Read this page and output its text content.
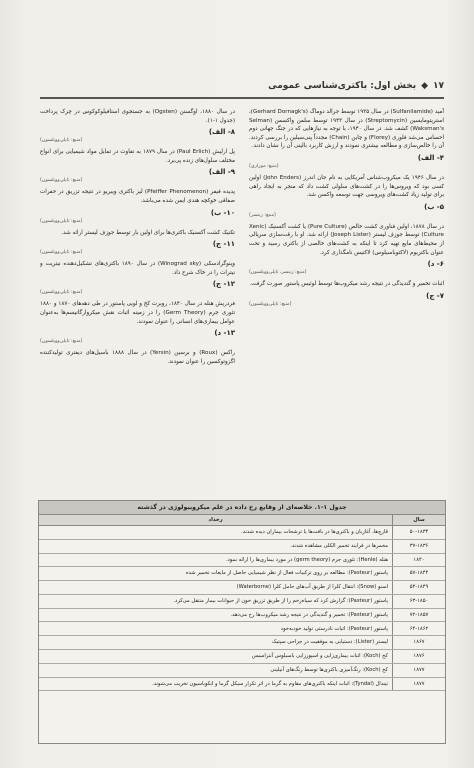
۱۷
◆
بخش اول: باکتری‌شناسی عمومی
آمید (Sulfanilamide) در سال ۱۹۳۵ توسط جرالد دوماگ (Gerhard Dornagk's)، استرپتومایسین (Streptomycin) در سال ۱۹۴۳ توسط سلمن واکسمن (Selman Waksman's) کشف شد. در سال ۱۹۴۰، با توجه به نیازهایی که در جنگ جهانی دوم احساس می‌شد فلوری (Florey) و چاین (Chain) مجدداً پنی‌سیلین را بررسی کردند. آن را خالص‌سازی و مطالعه بیشتری نمودند و ارزش کاربرد بالینی آن را نشان دادند.
۴- الف)
(منبع: موراری)
در سال ۱۹۴۶ یک میکروب‌شناس آمریکایی به نام جان اندرز (John Enders) اولین کسی بود که ویروس‌ها را در کشت‌های سلولی کشت داد که منجر به ایجاد راهی برای تولید زیاد کشت‌های ویروسی جهت توسعه واکسن شد.
۵- ب)
(منبع: زینسر)
در سال ۱۸۷۸، اولین فناوری کشت خالص (Pure Culture) یا کشت آکسنیک (Xenic Culture) توسط جوزف لیستر (Joseph Lister) ارائه شد. او با رقت‌سازی سریالی از محیط‌های مایع تهیه کرد تا اینکه به کشت‌های خالصی از باکتری رسید و تحت عنوان باکتریوم (لاکتوباسیلوس) لاکتیس نامگذاری کرد.
۶- د)
(منبع: زینسر، تاپلی‌وویلسون)
اثبات تخمیر و گندیدگی در نتیجه رشد میکروب‌ها توسط لوئیس پاستور صورت گرفت.
۷- ج)
(منبع: تاپلی‌وویلسون)
در سال ۱۸۸۰، اوگستن (Ogsten) به جستجوی استافیلوکوکوس در چرک پرداخت (جدول ۱-۱).
۸- الف)
(منبع: تاپلی‌وویلسون)
پل ارلیش (Paul Erlich) در سال ۱۸۷۹ به تفاوت در تمایل مواد شیمیایی برای انواع مختلف سلول‌های زنده پی‌برد.
۹- الف)
(منبع: تاپلی‌وویلسون)
پدیده فیفر (Pfeiffer Phenomenon) لیز باکتری ویبریو در نتیجه تزریق در حفرات صفاقی خوکچه هندی ایمن شده می‌باشد.
۱۰- ب)
(منبع: تاپلی‌وویلسون)
تکنیک کشت آکسنیک باکتری‌ها برای اولین بار توسط جوزف لیستر ارائه شد.
۱۱- ج)
(منبع: تاپلی‌وویلسون)
وینوگرادسکی (Winograd sky) در سال ۱۸۹۰ باکتری‌های تشکیل‌دهنده نیتریت و نیترات را در خاک شرح داد.
۱۲- ج)
(منبع: تاپلی‌وویلسون)
فردریش هنله در سال ۱۸۴۰، روبرت کخ و لویی پاستور در طی دهه‌های ۱۸۷۰ و ۱۸۸۰ تئوری جرم (Germ Theory) را در زمینه اثبات نقش میکروارگانیسم‌ها به‌عنوان عوامل بیماری‌های انسانی را عنوان نمودند.
۱۳- د)
(منبع: تاپلی‌وویلسون)
راکس (Roux) و برسین (Yersin) در سال ۱۸۸۸ باسیل‌های دیفتری تولیدکننده اگزوتوکسین را عنوان نمودند.
جدول ۱-۱. خلاصه‌ای از وقایع رخ داده در علم میکروبیولوژی در گذشته
سال	رخداد
۵۰-۱۸۳۴	قارچ‌ها، آغازیان و باکتری‌ها در بافت‌ها یا ترشحات بیماران دیده شدند.
۳۷-۱۸۳۶	مخمرها در فرایند تخمیر الکلی مشاهده شدند.
۱۸۴۰	هنله (Henle): تئوری جرم (germ theory) در مورد بیماری‌ها را ارائه نمود.
۵۷-۱۸۴۴	پاستور (Pasteur): مطالعه بر روی ترکیبات فعال از نظر شیمیایی حاصل از مایعات تخمیر شده
۵۴-۱۸۴۹	اسنو (Snow): انتقال کلرا از طریق آب‌های حامل کلرا (Waterborne)
۶۳-۱۸۵۰	پاستور (Pasteur): گزارش کرد که سیاه‌زخم را از طریق تزریق خون از حیوانات بیمار منتقل می‌کرد.
۷۲-۱۸۵۷	پاستور (Pasteur): تخمیر و گندیدگی در نتیجه رشد میکروب‌ها رخ می‌دهد.
۶۴-۱۸۶۲	پاستور (Pasteur): اثبات نادرستی تولید خودبه‌خود
۱۸۶۷	لیستر (Lister): دستیابی به موفقیت در جراحی سپتیک
۱۸۷۶	کخ (Koch): اثبات بیماری‌زایی و اسپورزایی باسیلوس آنتراسیس
۱۸۷۷	کخ (Koch): رنگ‌آمیزی باکتری‌ها توسط رنگ‌های آنیلینی
۱۸۷۷	تیندال (Tyndal): اثبات اینکه باکتری‌های مقاوم به گرما در اثر تکرار سیکل گرما و انکوباسیون تخریب می‌شوند.
